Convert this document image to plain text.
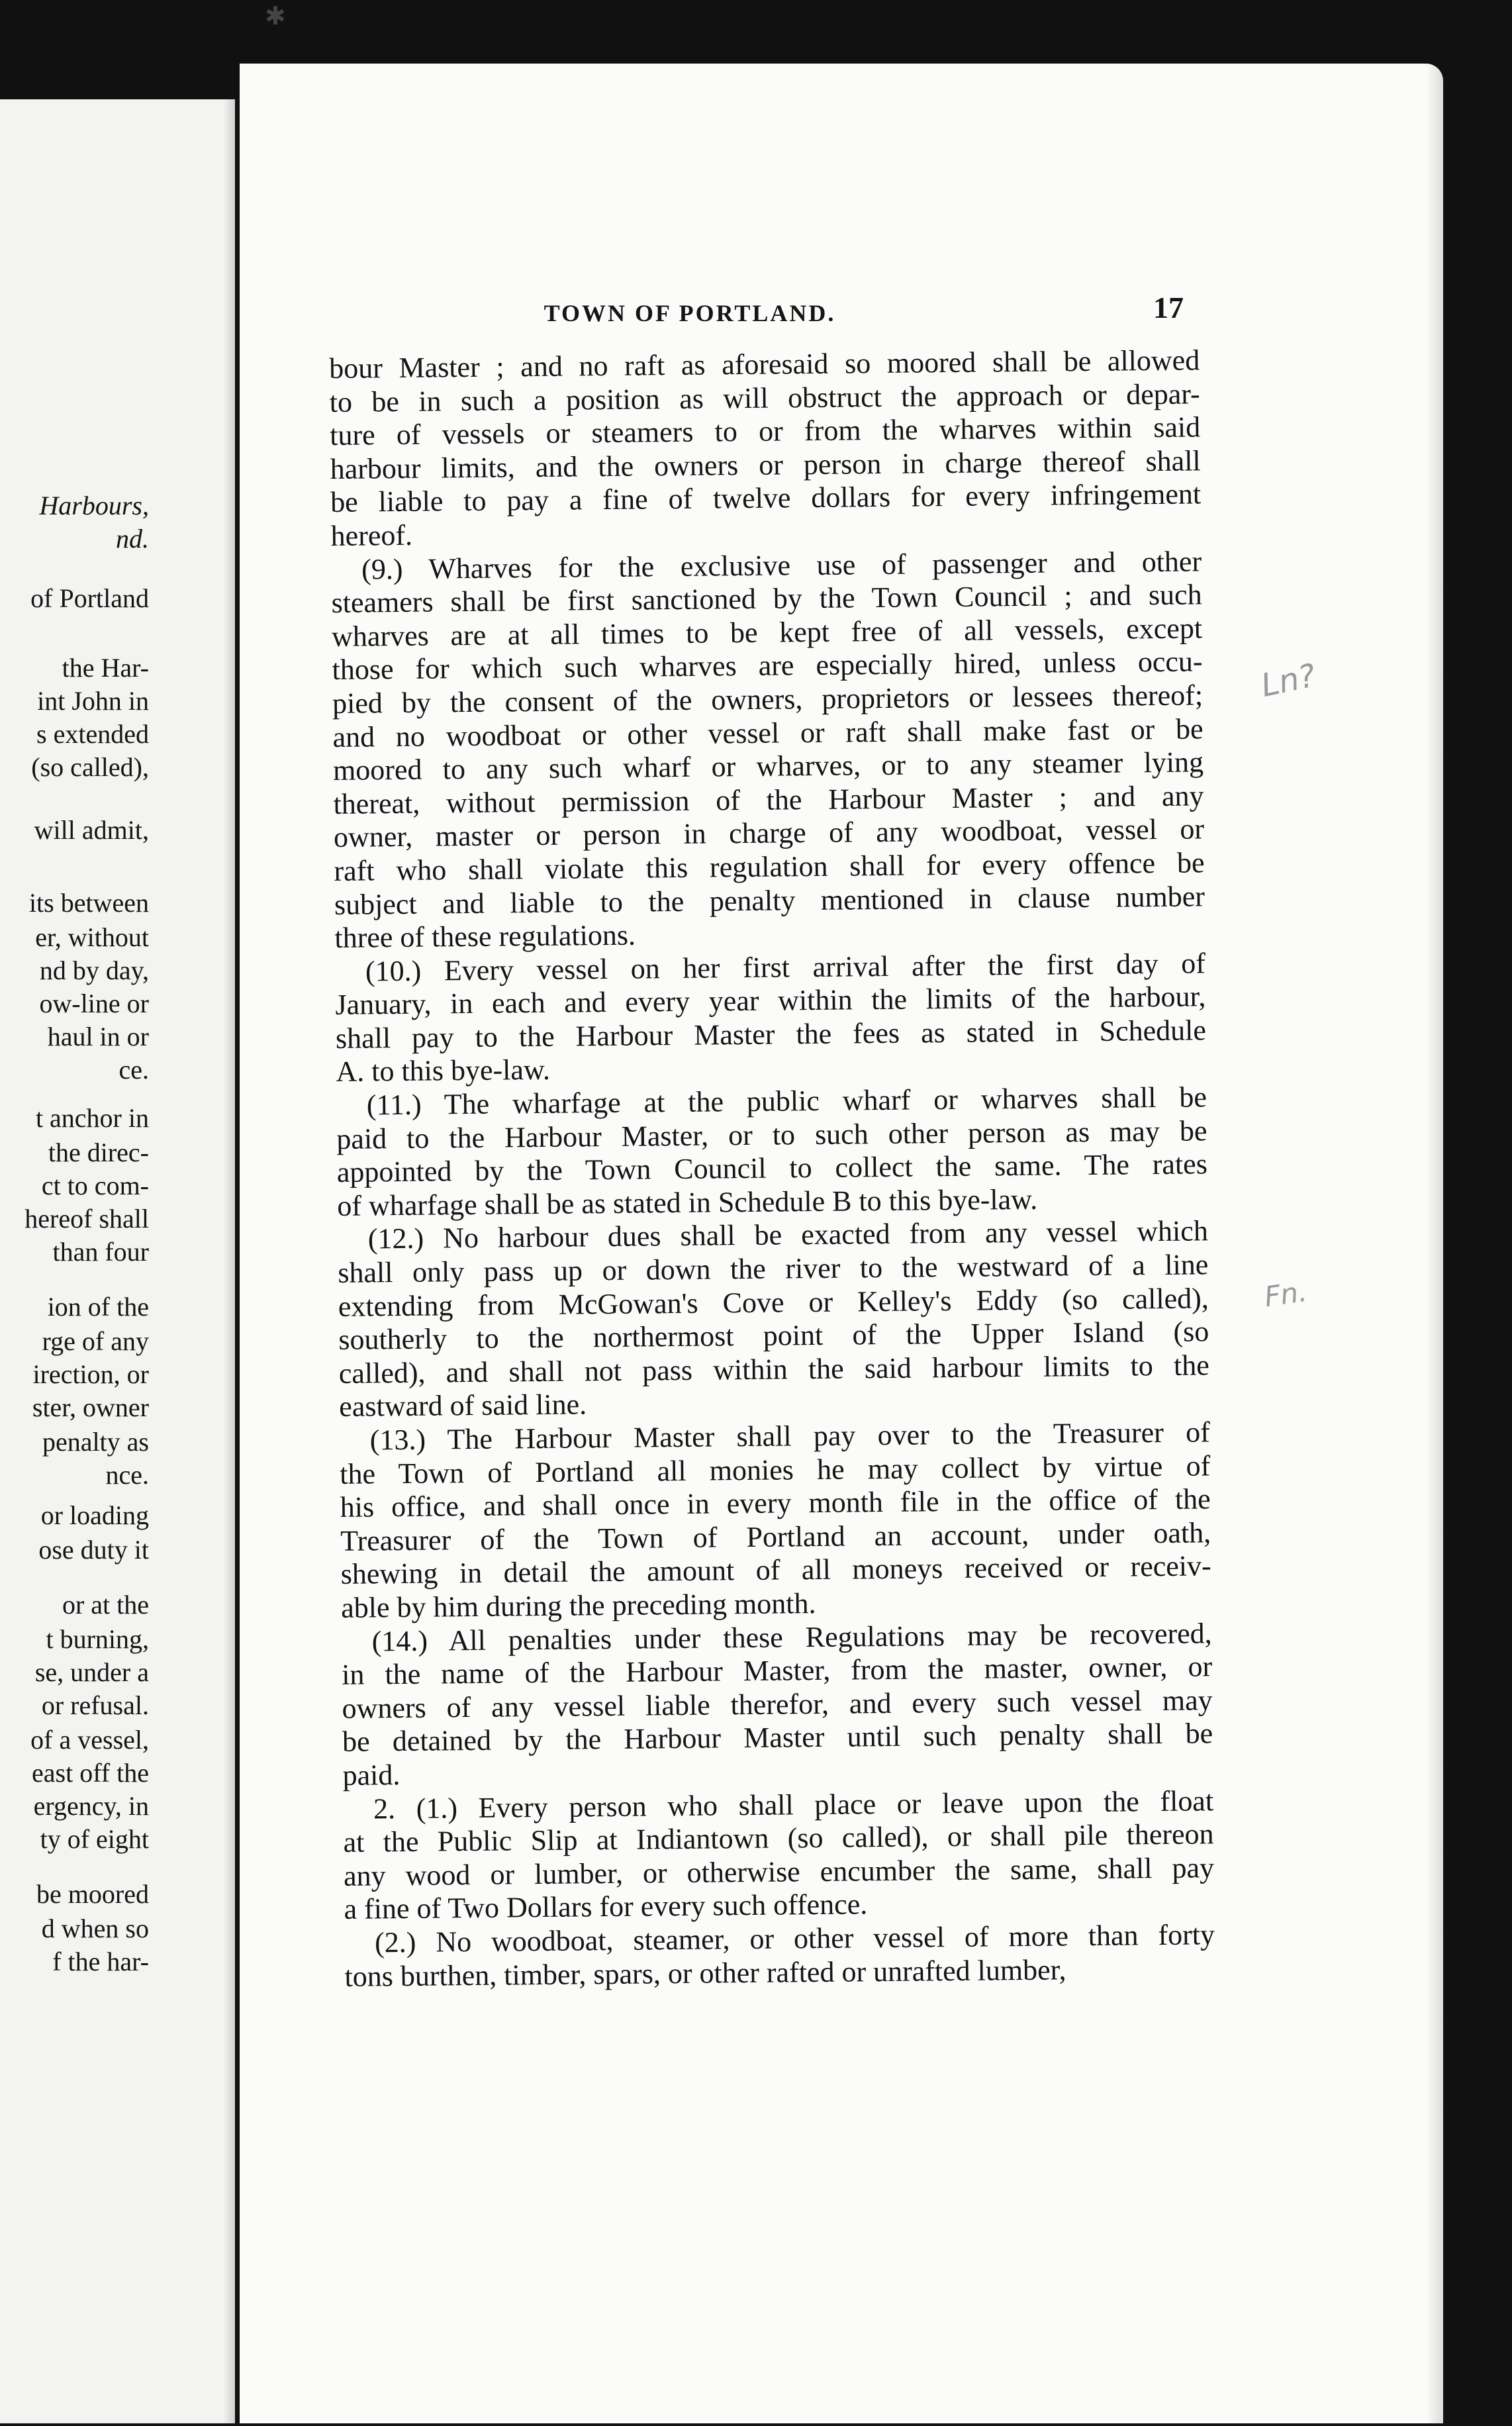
✱
Harbours,
nd.
of Portland
the Har-
int John in
s extended
(so called),
will admit,
its between
er, without
nd by day,
ow-line or
haul in or
ce.
t anchor in
the direc-
ct to com-
hereof shall
than four
ion of the
rge of any
irection, or
ster, owner
penalty as
nce.
or loading
ose duty it
or at the
t burning,
se, under a
or refusal.
of a vessel,
east off the
ergency, in
ty of eight
be moored
d when so
f the har-
TOWN OF PORTLAND.	17
bour Master ; and no raft as aforesaid so moored shall be allowed
to be in such a position as will obstruct the approach or depar-
ture of vessels or steamers to or from the wharves within said
harbour limits, and the owners or person in charge thereof shall
be liable to pay a fine of twelve dollars for every infringement
hereof.
(9.) Wharves for the exclusive use of passenger and other
steamers shall be first sanctioned by the Town Council ; and such
wharves are at all times to be kept free of all vessels, except
those for which such wharves are especially hired, unless occu-
pied by the consent of the owners, proprietors or lessees thereof;
and no woodboat or other vessel or raft shall make fast or be
moored to any such wharf or wharves, or to any steamer lying
thereat, without permission of the Harbour Master ; and any
owner, master or person in charge of any woodboat, vessel or
raft who shall violate this regulation shall for every offence be
subject and liable to the penalty mentioned in clause number
three of these regulations.
(10.) Every vessel on her first arrival after the first day of
January, in each and every year within the limits of the harbour,
shall pay to the Harbour Master the fees as stated in Schedule
A. to this bye-law.
(11.) The wharfage at the public wharf or wharves shall be
paid to the Harbour Master, or to such other person as may be
appointed by the Town Council to collect the same. The rates
of wharfage shall be as stated in Schedule B to this bye-law.
(12.) No harbour dues shall be exacted from any vessel which
shall only pass up or down the river to the westward of a line
extending from McGowan's Cove or Kelley's Eddy (so called),
southerly to the northermost point of the Upper Island (so
called), and shall not pass within the said harbour limits to the
eastward of said line.
(13.) The Harbour Master shall pay over to the Treasurer of
the Town of Portland all monies he may collect by virtue of
his office, and shall once in every month file in the office of the
Treasurer of the Town of Portland an account, under oath,
shewing in detail the amount of all moneys received or receiv-
able by him during the preceding month.
(14.) All penalties under these Regulations may be recovered,
in the name of the Harbour Master, from the master, owner, or
owners of any vessel liable therefor, and every such vessel may
be detained by the Harbour Master until such penalty shall be
paid.
2. (1.) Every person who shall place or leave upon the float
at the Public Slip at Indiantown (so called), or shall pile thereon
any wood or lumber, or otherwise encumber the same, shall pay
a fine of Two Dollars for every such offence.
(2.) No woodboat, steamer, or other vessel of more than forty
tons burthen, timber, spars, or other rafted or unrafted lumber,
Ln?
Fn.
